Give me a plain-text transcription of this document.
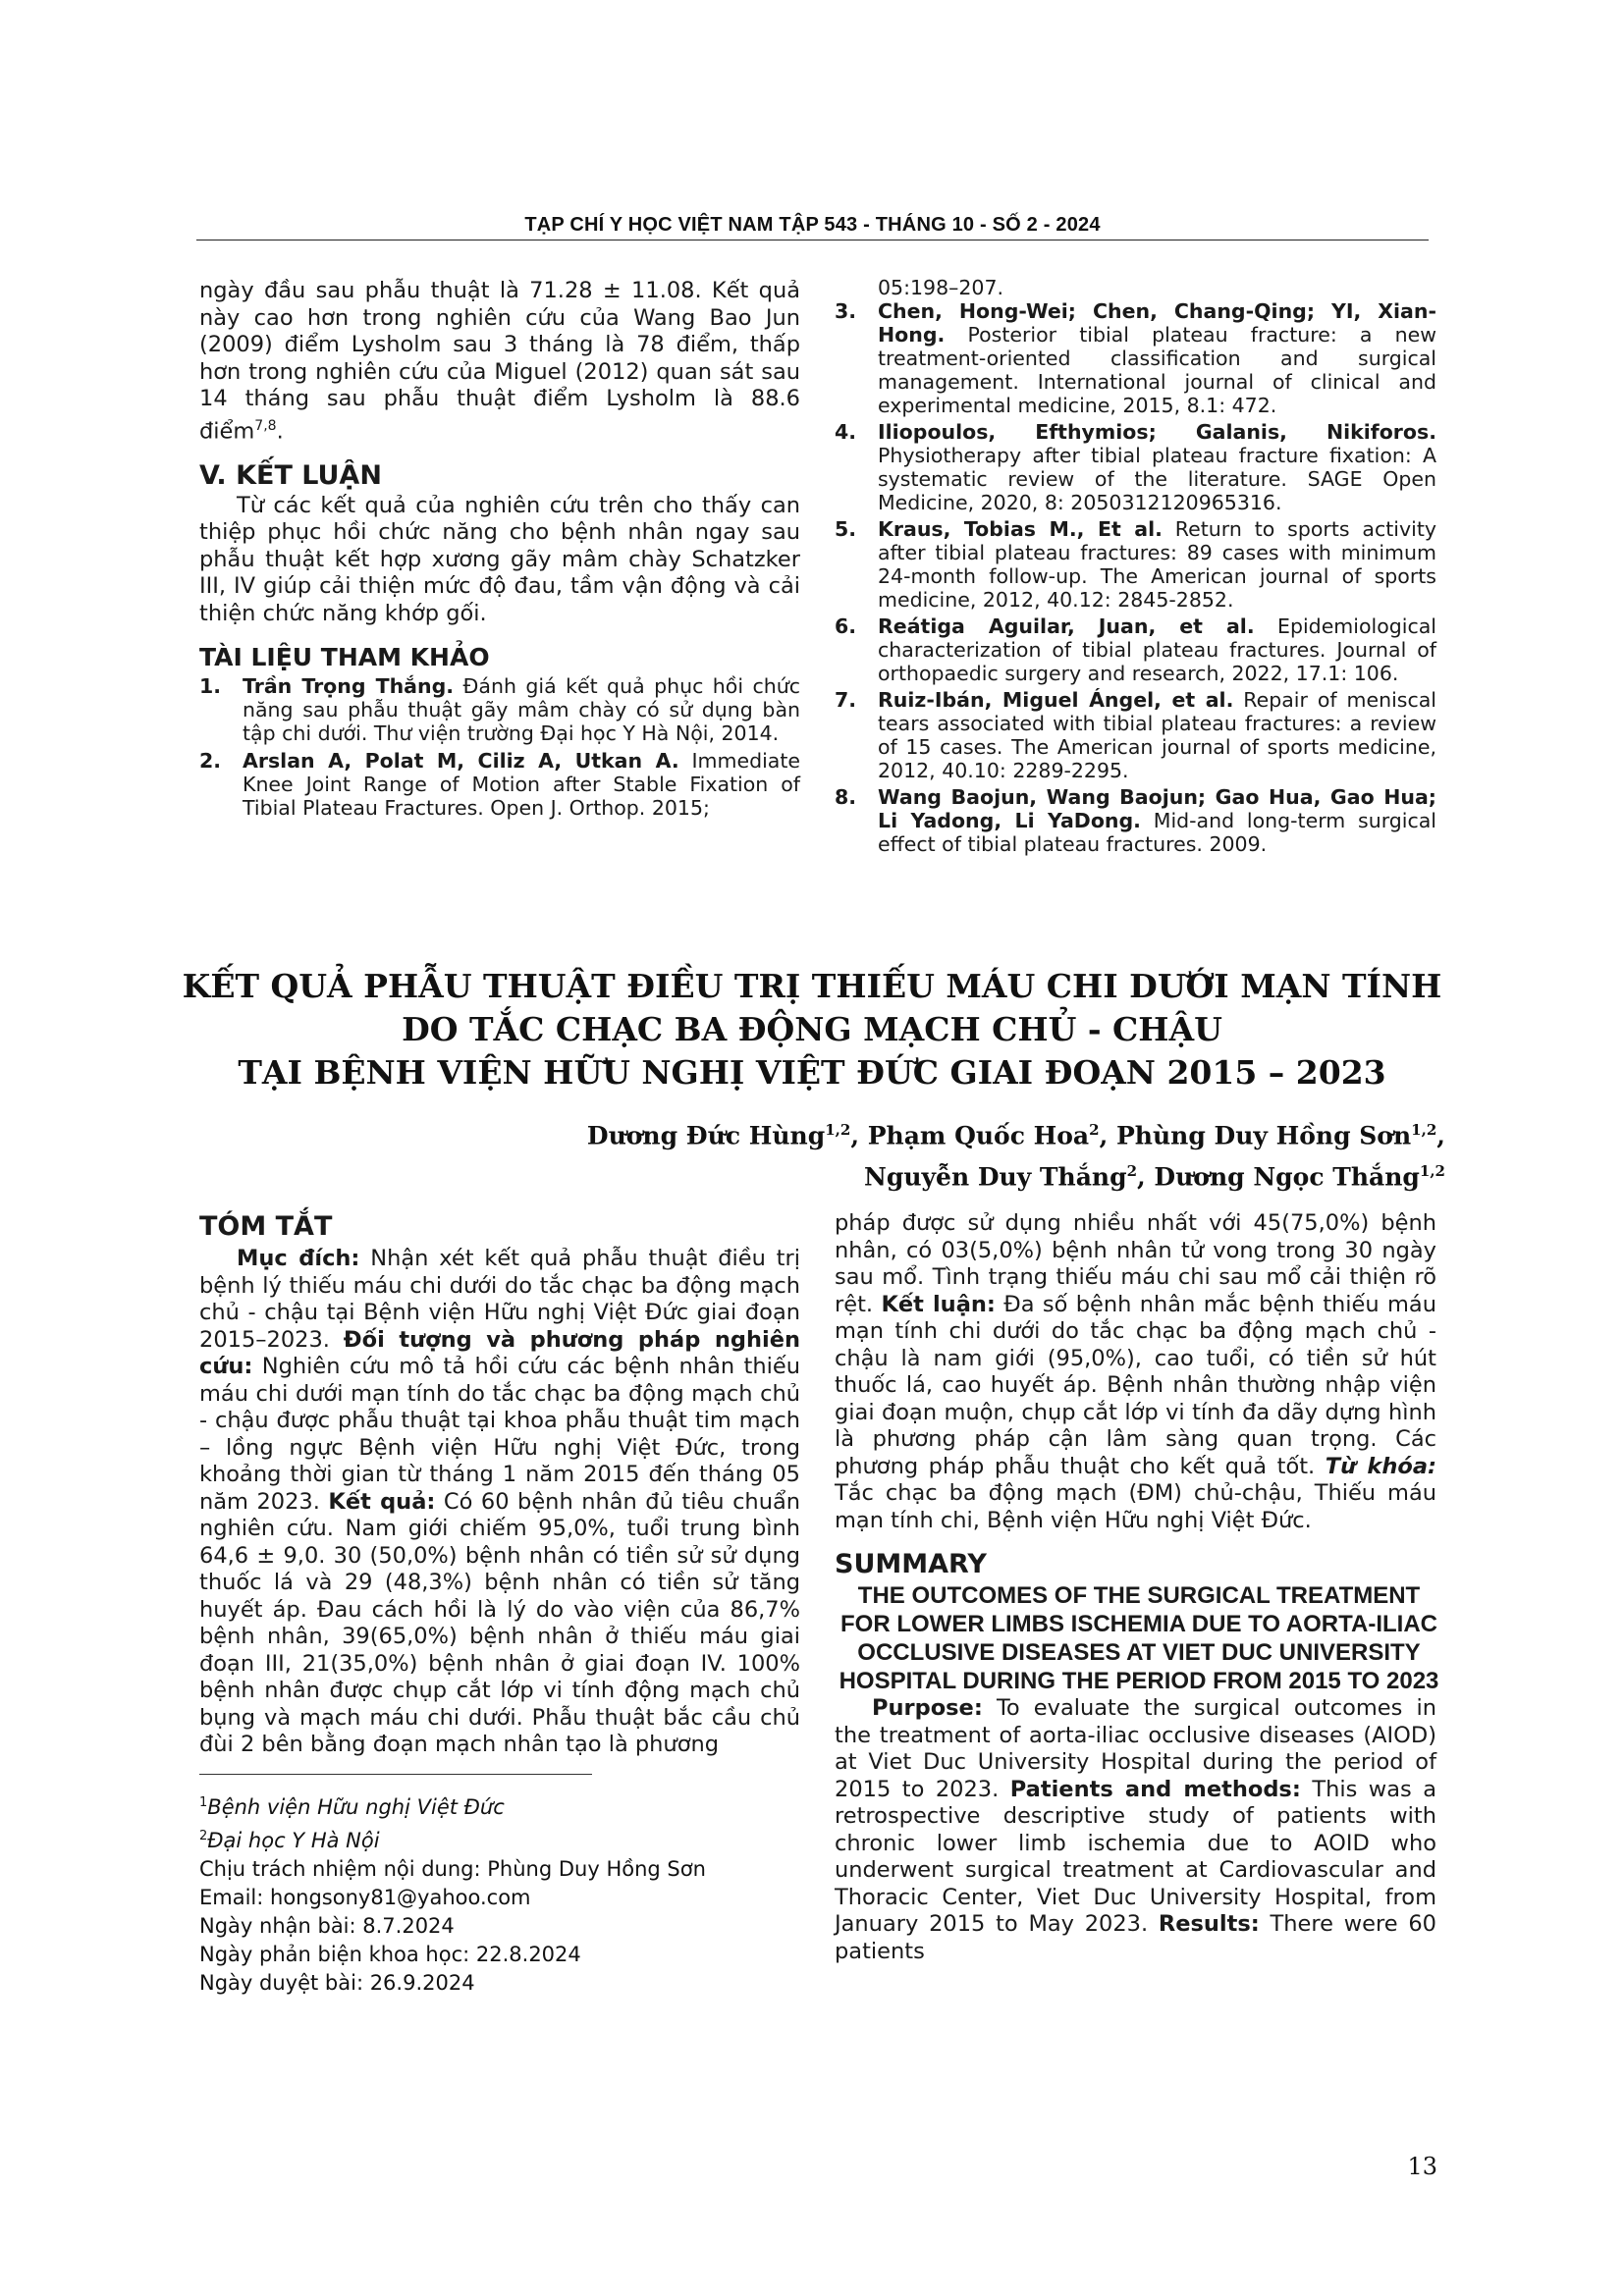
TẠP CHÍ Y HỌC VIỆT NAM TẬP 543 - THÁNG 10 - SỐ 2 - 2024

ngày đầu sau phẫu thuật là 71.28 ± 11.08. Kết quả này cao hơn trong nghiên cứu của Wang Bao Jun (2009) điểm Lysholm sau 3 tháng là 78 điểm, thấp hơn trong nghiên cứu của Miguel (2012) quan sát sau 14 tháng sau phẫu thuật điểm Lysholm là 88.6 điểm$^{7,8}$.

V. KẾT LUẬN

Từ các kết quả của nghiên cứu trên cho thấy can thiệp phục hồi chức năng cho bệnh nhân ngay sau phẫu thuật kết hợp xương gãy mâm chày Schatzker III, IV giúp cải thiện mức độ đau, tầm vận động và cải thiện chức năng khớp gối.

TÀI LIỆU THAM KHẢO
1.	Trần Trọng Thắng. Đánh giá kết quả phục hồi chức năng sau phẫu thuật gãy mâm chày có sử dụng bàn tập chi dưới. Thư viện trường Đại học Y Hà Nội, 2014.
2.	Arslan A, Polat M, Ciliz A, Utkan A. Immediate Knee Joint Range of Motion after Stable Fixation of Tibial Plateau Fractures. Open J. Orthop. 2015;
05:198–207.
3.	Chen, Hong-Wei; Chen, Chang-Qing; YI, Xian-Hong. Posterior tibial plateau fracture: a new treatment-oriented classification and surgical management. International journal of clinical and experimental medicine, 2015, 8.1: 472.
4.	Iliopoulos, Efthymios; Galanis, Nikiforos. Physiotherapy after tibial plateau fracture fixation: A systematic review of the literature. SAGE Open Medicine, 2020, 8: 2050312120965316.
5.	Kraus, Tobias M., Et al. Return to sports activity after tibial plateau fractures: 89 cases with minimum 24-month follow-up. The American journal of sports medicine, 2012, 40.12: 2845-2852.
6.	Reátiga Aguilar, Juan, et al. Epidemiological characterization of tibial plateau fractures. Journal of orthopaedic surgery and research, 2022, 17.1: 106.
7.	Ruiz-Ibán, Miguel Ángel, et al. Repair of meniscal tears associated with tibial plateau fractures: a review of 15 cases. The American journal of sports medicine, 2012, 40.10: 2289-2295.
8.	Wang Baojun, Wang Baojun; Gao Hua, Gao Hua; Li Yadong, Li YaDong. Mid-and long-term surgical effect of tibial plateau fractures. 2009.
KẾT QUẢ PHẪU THUẬT ĐIỀU TRỊ THIẾU MÁU CHI DƯỚI MẠN TÍNH
DO TẮC CHẠC BA ĐỘNG MẠCH CHỦ - CHẬU
TẠI BỆNH VIỆN HỮU NGHỊ VIỆT ĐỨC GIAI ĐOẠN 2015 – 2023
Dương Đức Hùng$^{1,2}$, Phạm Quốc Hoa$^2$, Phùng Duy Hồng Sơn$^{1,2}$,
Nguyễn Duy Thắng$^2$, Dương Ngọc Thắng$^{1,2}$
TÓM TẮT

Mục đích: Nhận xét kết quả phẫu thuật điều trị bệnh lý thiếu máu chi dưới do tắc chạc ba động mạch chủ - chậu tại Bệnh viện Hữu nghị Việt Đức giai đoạn 2015–2023. Đối tượng và phương pháp nghiên cứu: Nghiên cứu mô tả hồi cứu các bệnh nhân thiếu máu chi dưới mạn tính do tắc chạc ba động mạch chủ - chậu được phẫu thuật tại khoa phẫu thuật tim mạch – lồng ngực Bệnh viện Hữu nghị Việt Đức, trong khoảng thời gian từ tháng 1 năm 2015 đến tháng 05 năm 2023. Kết quả: Có 60 bệnh nhân đủ tiêu chuẩn nghiên cứu. Nam giới chiếm 95,0%, tuổi trung bình 64,6 ± 9,0. 30 (50,0%) bệnh nhân có tiền sử sử dụng thuốc lá và 29 (48,3%) bệnh nhân có tiền sử tăng huyết áp. Đau cách hồi là lý do vào viện của 86,7% bệnh nhân, 39(65,0%) bệnh nhân ở thiếu máu giai đoạn III, 21(35,0%) bệnh nhân ở giai đoạn IV. 100% bệnh nhân được chụp cắt lớp vi tính động mạch chủ bụng và mạch máu chi dưới. Phẫu thuật bắc cầu chủ đùi 2 bên bằng đoạn mạch nhân tạo là phương

$^1$Bệnh viện Hữu nghị Việt Đức
$^2$Đại học Y Hà Nội
Chịu trách nhiệm nội dung: Phùng Duy Hồng Sơn
Email: hongsony81@yahoo.com
Ngày nhận bài: 8.7.2024
Ngày phản biện khoa học: 22.8.2024
Ngày duyệt bài: 26.9.2024

pháp được sử dụng nhiều nhất với 45(75,0%) bệnh nhân, có 03(5,0%) bệnh nhân tử vong trong 30 ngày sau mổ. Tình trạng thiếu máu chi sau mổ cải thiện rõ rệt. Kết luận: Đa số bệnh nhân mắc bệnh thiếu máu mạn tính chi dưới do tắc chạc ba động mạch chủ - chậu là nam giới (95,0%), cao tuổi, có tiền sử hút thuốc lá, cao huyết áp. Bệnh nhân thường nhập viện giai đoạn muộn, chụp cắt lớp vi tính đa dãy dựng hình là phương pháp cận lâm sàng quan trọng. Các phương pháp phẫu thuật cho kết quả tốt. Từ khóa: Tắc chạc ba động mạch (ĐM) chủ-chậu, Thiếu máu mạn tính chi, Bệnh viện Hữu nghị Việt Đức.

SUMMARY
THE OUTCOMES OF THE SURGICAL TREATMENT FOR LOWER LIMBS ISCHEMIA DUE TO AORTA-ILIAC OCCLUSIVE DISEASES AT VIET DUC UNIVERSITY HOSPITAL DURING THE PERIOD FROM 2015 TO 2023

Purpose: To evaluate the surgical outcomes in the treatment of aorta-iliac occlusive diseases (AIOD) at Viet Duc University Hospital during the period of 2015 to 2023. Patients and methods: This was a retrospective descriptive study of patients with chronic lower limb ischemia due to AOID who underwent surgical treatment at Cardiovascular and Thoracic Center, Viet Duc University Hospital, from January 2015 to May 2023. Results: There were 60 patients

13
